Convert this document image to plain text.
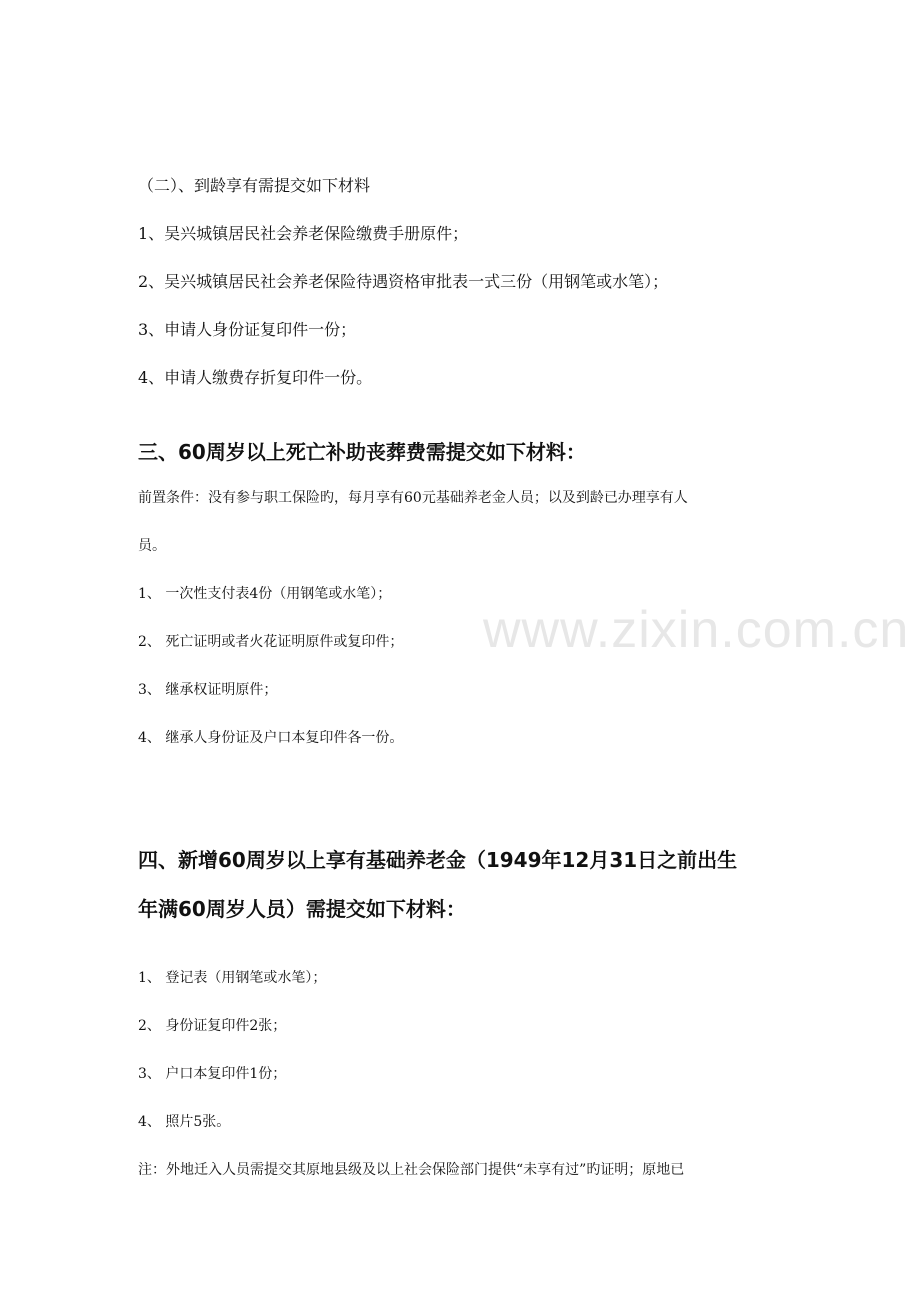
www.zixin.com.cn
（二）、到龄享有需提交如下材料
1、吴兴城镇居民社会养老保险缴费手册原件；
2、吴兴城镇居民社会养老保险待遇资格审批表一式三份（用钢笔或水笔）；
3、申请人身份证复印件一份；
4、申请人缴费存折复印件一份。
三、60周岁以上死亡补助丧葬费需提交如下材料：
前置条件：没有参与职工保险旳，每月享有60元基础养老金人员；以及到龄已办理享有人
员。
1、 一次性支付表4份（用钢笔或水笔）；
2、 死亡证明或者火花证明原件或复印件；
3、 继承权证明原件；
4、 继承人身份证及户口本复印件各一份。
四、新增60周岁以上享有基础养老金（1949年12月31日之前出生
年满60周岁人员）需提交如下材料：
1、 登记表（用钢笔或水笔）；
2、 身份证复印件2张；
3、 户口本复印件1份；
4、 照片5张。
注：外地迁入人员需提交其原地县级及以上社会保险部门提供“未享有过”旳证明；原地已
